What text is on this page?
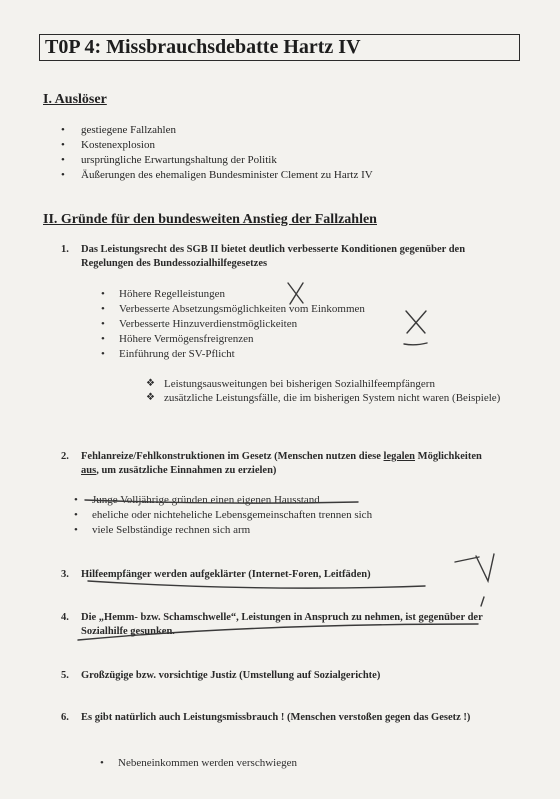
T0P 4: Missbrauchsdebatte Hartz IV
I. Auslöser
• gestiegene Fallzahlen
• Kostenexplosion
• ursprüngliche Erwartungshaltung der Politik
• Äußerungen des ehemaligen Bundesminister Clement zu Hartz IV
II. Gründe für den bundesweiten Anstieg der Fallzahlen
1. Das Leistungsrecht des SGB II bietet deutlich verbesserte Konditionen gegenüber den Regelungen des Bundessozialhilfegesetzes
• Höhere Regelleistungen
• Verbesserte Absetzungsmöglichkeiten vom Einkommen
• Verbesserte Hinzuverdienstmöglickeiten
• Höhere Vermögensfreigrenzen
• Einführung der SV-Pflicht
❖ Leistungsausweitungen bei bisherigen Sozialhilfeempfängern
❖ zusätzliche Leistungsfälle, die im bisherigen System nicht waren (Beispiele)
2. Fehlanreize/Fehlkonstruktionen im Gesetz (Menschen nutzen diese legalen Möglichkeiten aus, um zusätzliche Einnahmen zu erzielen)
• Junge Volljährige gründen einen eigenen Hausstand
• eheliche oder nichteheliche Lebensgemeinschaften trennen sich
• viele Selbständige rechnen sich arm
3. Hilfeempfänger werden aufgeklärter (Internet-Foren, Leitfäden)
4. Die „Hemm- bzw. Schamschwelle“, Leistungen in Anspruch zu nehmen, ist gegenüber der Sozialhilfe gesunken.
5. Großzügige bzw. vorsichtige Justiz (Umstellung auf Sozialgerichte)
6. Es gibt natürlich auch Leistungsmissbrauch ! (Menschen verstoßen gegen das Gesetz !)
• Nebeneinkommen werden verschwiegen
